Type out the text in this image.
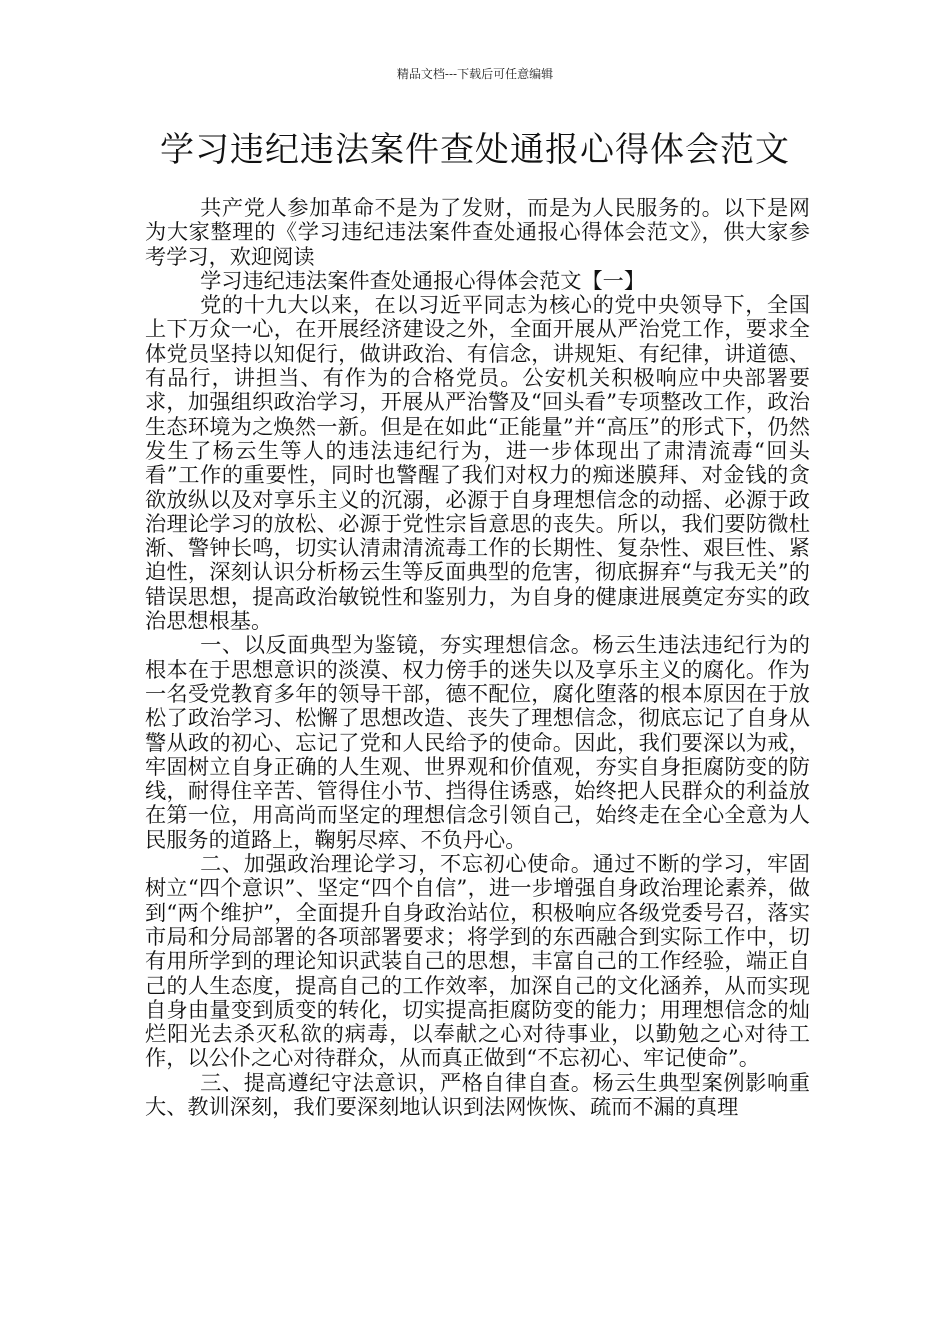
精品文档---下载后可任意编辑
学习违纪违法案件查处通报心得体会范文

共产党人参加革命不是为了发财，而是为人民服务的。以下是网为大家整理的《学习违纪违法案件查处通报心得体会范文》，供大家参考学习，欢迎阅读

学习违纪违法案件查处通报心得体会范文【一】

党的十九大以来，在以习近平同志为核心的党中央领导下，全国上下万众一心，在开展经济建设之外，全面开展从严治党工作，要求全体党员坚持以知促行，做讲政治、有信念，讲规矩、有纪律，讲道德、有品行，讲担当、有作为的合格党员。公安机关积极响应中央部署要求，加强组织政治学习，开展从严治警及“回头看”专项整改工作，政治生态环境为之焕然一新。但是在如此“正能量”并“高压”的形式下，仍然发生了杨云生等人的违法违纪行为，进一步体现出了肃清流毒“回头看”工作的重要性，同时也警醒了我们对权力的痴迷膜拜、对金钱的贪欲放纵以及对享乐主义的沉溺，必源于自身理想信念的动摇、必源于政治理论学习的放松、必源于党性宗旨意思的丧失。所以，我们要防微杜渐、警钟长鸣，切实认清肃清流毒工作的长期性、复杂性、艰巨性、紧迫性，深刻认识分析杨云生等反面典型的危害，彻底摒弃“与我无关”的错误思想，提高政治敏锐性和鉴别力，为自身的健康进展奠定夯实的政治思想根基。

一、以反面典型为鉴镜，夯实理想信念。杨云生违法违纪行为的根本在于思想意识的淡漠、权力傍手的迷失以及享乐主义的腐化。作为一名受党教育多年的领导干部，德不配位，腐化堕落的根本原因在于放松了政治学习、松懈了思想改造、丧失了理想信念，彻底忘记了自身从警从政的初心、忘记了党和人民给予的使命。因此，我们要深以为戒，牢固树立自身正确的人生观、世界观和价值观，夯实自身拒腐防变的防线，耐得住辛苦、管得住小节、挡得住诱惑，始终把人民群众的利益放在第一位，用高尚而坚定的理想信念引领自己，始终走在全心全意为人民服务的道路上，鞠躬尽瘁、不负丹心。

二、加强政治理论学习，不忘初心使命。通过不断的学习，牢固树立“四个意识”、坚定“四个自信”，进一步增强自身政治理论素养，做到“两个维护”，全面提升自身政治站位，积极响应各级党委号召，落实市局和分局部署的各项部署要求；将学到的东西融合到实际工作中，切有用所学到的理论知识武装自己的思想，丰富自己的工作经验，端正自己的人生态度，提高自己的工作效率，加深自己的文化涵养，从而实现自身由量变到质变的转化，切实提高拒腐防变的能力；用理想信念的灿烂阳光去杀灭私欲的病毒，以奉献之心对待事业，以勤勉之心对待工作，以公仆之心对待群众，从而真正做到“不忘初心、牢记使命”。

三、提高遵纪守法意识，严格自律自查。杨云生典型案例影响重大、教训深刻，我们要深刻地认识到法网恢恢、疏而不漏的真理
